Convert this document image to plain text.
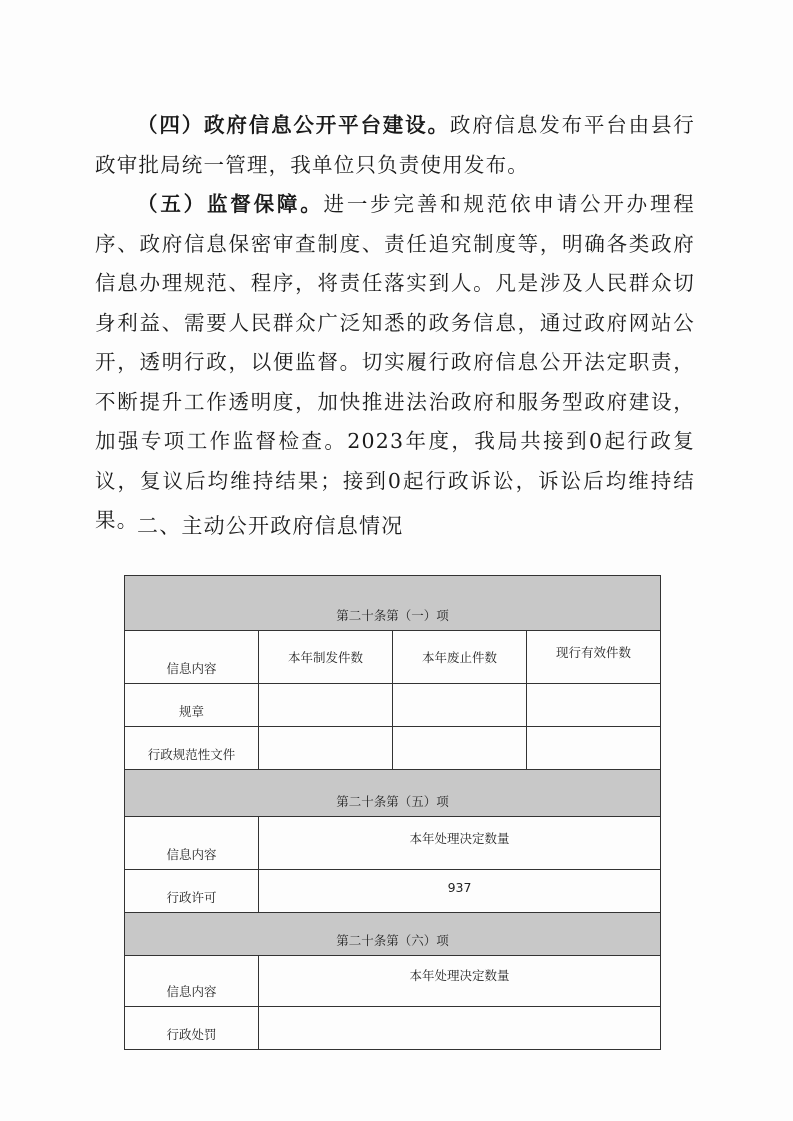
（四）政府信息公开平台建设。政府信息发布平台由县行政审批局统一管理，我单位只负责使用发布。

（五）监督保障。进一步完善和规范依申请公开办理程序、政府信息保密审查制度、责任追究制度等，明确各类政府信息办理规范、程序，将责任落实到人。凡是涉及人民群众切身利益、需要人民群众广泛知悉的政务信息，通过政府网站公开，透明行政，以便监督。切实履行政府信息公开法定职责，不断提升工作透明度，加快推进法治政府和服务型政府建设，加强专项工作监督检查。2023年度，我局共接到0起行政复议，复议后均维持结果；接到0起行政诉讼，诉讼后均维持结果。

二、主动公开政府信息情况

第二十条第（一）项			
信息内容	本年制发件数	本年废止件数	现行有效件数
规章			
行政规范性文件			
第二十条第（五）项			
信息内容	本年处理决定数量		
行政许可	937		
第二十条第（六）项			
信息内容	本年处理决定数量		
行政处罚			
